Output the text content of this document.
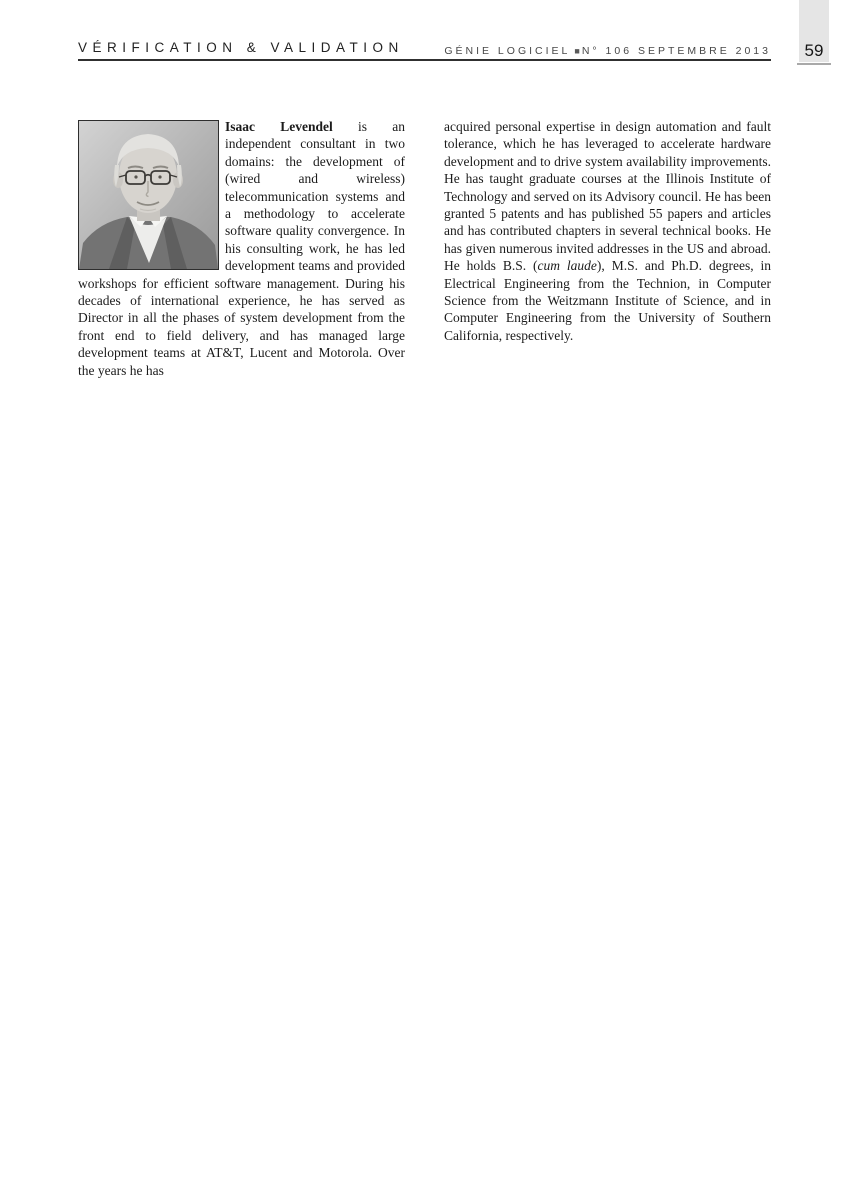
VÉRIFICATION & VALIDATION	GÉNIE LOGICIEL ■ N° 106 SEPTEMBRE 2013 59
Isaac Levendel is an independent consultant in two domains: the development of (wired and wireless) telecommunication systems and a methodology to accelerate software quality convergence. In his consulting work, he has led development teams and provided workshops for efficient software management. During his decades of international experience, he has served as Director in all the phases of system development from the front end to field delivery, and has managed large development teams at AT&T, Lucent and Motorola. Over the years he has
acquired personal expertise in design automation and fault tolerance, which he has leveraged to accelerate hardware development and to drive system availability improvements. He has taught graduate courses at the Illinois Institute of Technology and served on its Advisory council. He has been granted 5 patents and has published 55 papers and articles and has contributed chapters in several technical books. He has given numerous invited addresses in the US and abroad. He holds B.S. (cum laude), M.S. and Ph.D. degrees, in Electrical Engineering from the Technion, in Computer Science from the Weitzmann Institute of Science, and in Computer Engineering from the University of Southern California, respectively.
